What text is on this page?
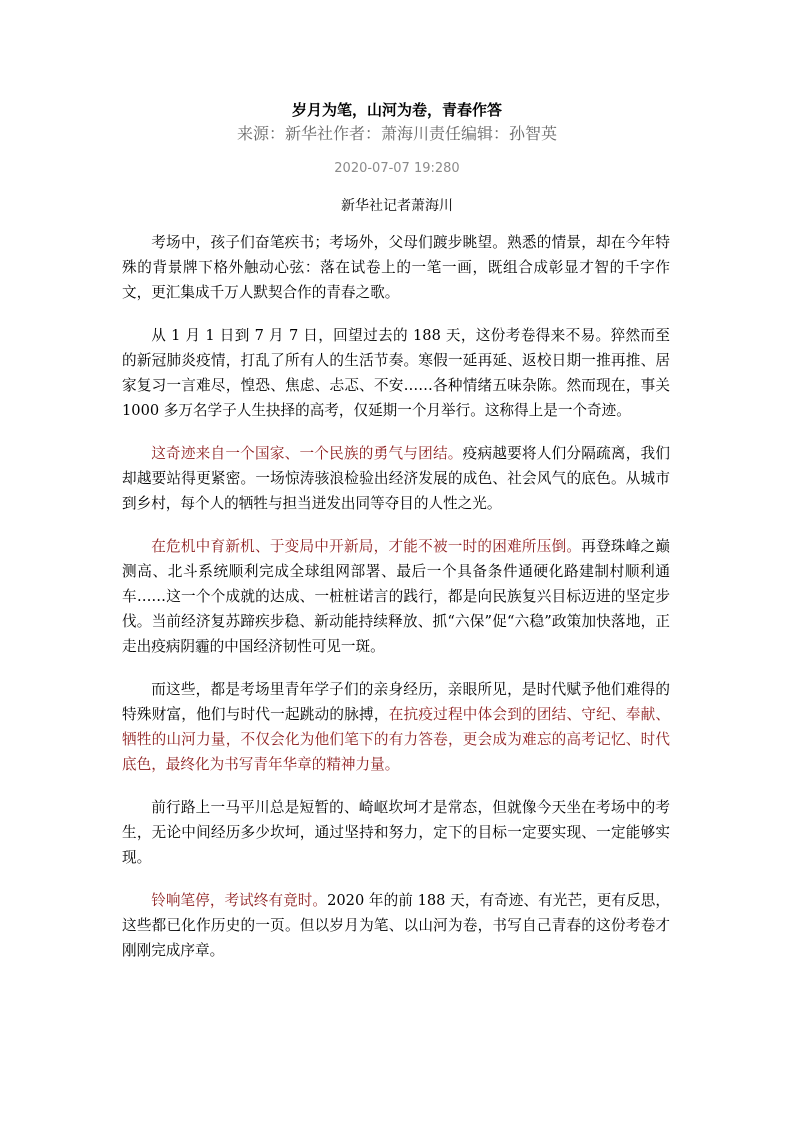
岁月为笔，山河为卷，青春作答
来源：新华社作者：萧海川责任编辑：孙智英
2020-07-07 19:280
新华社记者萧海川

考场中，孩子们奋笔疾书；考场外，父母们踱步眺望。熟悉的情景，却在今年特殊的背景牌下格外触动心弦：落在试卷上的一笔一画，既组合成彰显才智的千字作文，更汇集成千万人默契合作的青春之歌。

从 1 月 1 日到 7 月 7 日，回望过去的 188 天，这份考卷得来不易。猝然而至的新冠肺炎疫情，打乱了所有人的生活节奏。寒假一延再延、返校日期一推再推、居家复习一言难尽，惶恐、焦虑、忐忑、不安……各种情绪五味杂陈。然而现在，事关 1000 多万名学子人生抉择的高考，仅延期一个月举行。这称得上是一个奇迹。

这奇迹来自一个国家、一个民族的勇气与团结。疫病越要将人们分隔疏离，我们却越要站得更紧密。一场惊涛骇浪检验出经济发展的成色、社会风气的底色。从城市到乡村，每个人的牺牲与担当迸发出同等夺目的人性之光。

在危机中育新机、于变局中开新局，才能不被一时的困难所压倒。再登珠峰之巅测高、北斗系统顺利完成全球组网部署、最后一个具备条件通硬化路建制村顺利通车……这一个个成就的达成、一桩桩诺言的践行，都是向民族复兴目标迈进的坚定步伐。当前经济复苏蹄疾步稳、新动能持续释放、抓“六保”促“六稳”政策加快落地，正走出疫病阴霾的中国经济韧性可见一斑。

而这些，都是考场里青年学子们的亲身经历，亲眼所见，是时代赋予他们难得的特殊财富，他们与时代一起跳动的脉搏，在抗疫过程中体会到的团结、守纪、奉献、牺牲的山河力量，不仅会化为他们笔下的有力答卷，更会成为难忘的高考记忆、时代底色，最终化为书写青年华章的精神力量。

前行路上一马平川总是短暂的、崎岖坎坷才是常态，但就像今天坐在考场中的考生，无论中间经历多少坎坷，通过坚持和努力，定下的目标一定要实现、一定能够实现。

铃响笔停，考试终有竟时。2020 年的前 188 天，有奇迹、有光芒，更有反思，这些都已化作历史的一页。但以岁月为笔、以山河为卷，书写自己青春的这份考卷才刚刚完成序章。
